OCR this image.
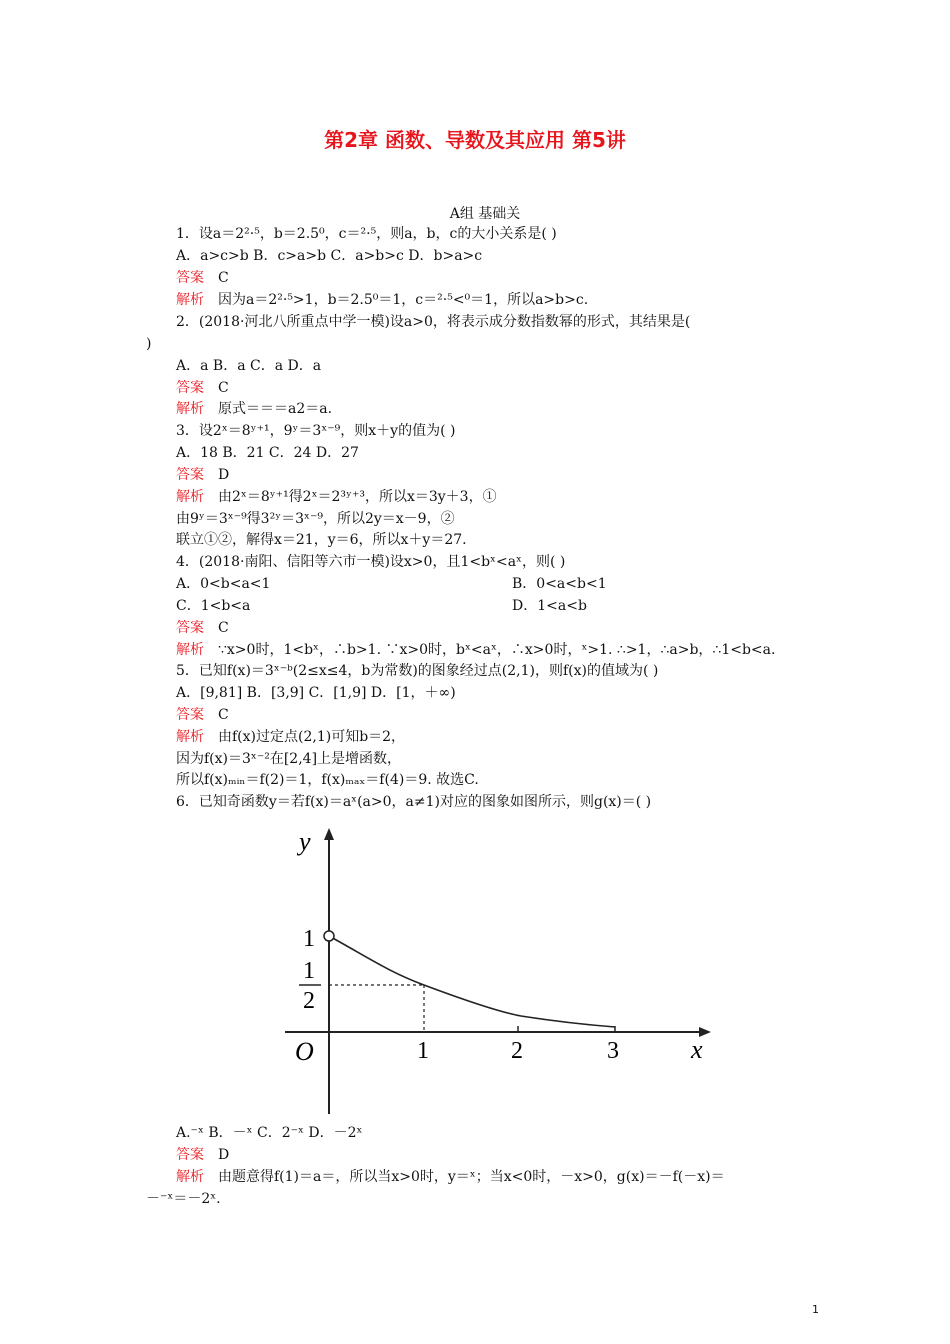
第2章 函数、导数及其应用 第5讲
A组 基础关
1．设a＝2²·⁵，b＝2.5⁰，c＝²·⁵，则a，b，c的大小关系是( )
A．a>c>b B．c>a>b C．a>b>c D．b>a>c
答案 C
解析 因为a＝2²·⁵>1，b＝2.5⁰＝1，c＝²·⁵<⁰＝1，所以a>b>c.
2．(2018·河北八所重点中学一模)设a>0，将表示成分数指数幂的形式，其结果是(
)
A．a B．a C．a D．a
答案 C
解析 原式＝＝＝a2＝a.
3．设2ˣ＝8ʸ⁺¹，9ʸ＝3ˣ⁻⁹，则x＋y的值为( )
A．18 B．21 C．24 D．27
答案 D
解析 由2ˣ＝8ʸ⁺¹得2ˣ＝2³ʸ⁺³，所以x＝3y＋3，①
由9ʸ＝3ˣ⁻⁹得3²ʸ＝3ˣ⁻⁹，所以2y＝x－9，②
联立①②，解得x＝21，y＝6，所以x＋y＝27.
4．(2018·南阳、信阳等六市一模)设x>0，且1<bˣ<aˣ，则( )
A．0<b<a<1	B．0<a<b<1
C．1<b<a	D．1<a<b
答案 C
解析 ∵x>0时，1<bˣ，∴b>1. ∵x>0时，bˣ<aˣ，∴x>0时，ˣ>1. ∴>1，∴a>b，∴1<b<a.
5．已知f(x)＝3ˣ⁻ᵇ(2≤x≤4，b为常数)的图象经过点(2,1)，则f(x)的值域为( )
A．[9,81] B．[3,9] C．[1,9] D．[1，＋∞)
答案 C
解析 由f(x)过定点(2,1)可知b＝2，
因为f(x)＝3ˣ⁻²在[2,4]上是增函数，
所以f(x)ₘᵢₙ＝f(2)＝1，f(x)ₘₐₓ＝f(4)＝9. 故选C.
6．已知奇函数y＝若f(x)＝aˣ(a>0，a≠1)对应的图象如图所示，则g(x)＝( )
y
x
O
1
1
2
1	2	3
A.⁻ˣ B．－ˣ C．2⁻ˣ D．－2ˣ
答案 D
解析 由题意得f(1)＝a＝，所以当x>0时，y＝ˣ；当x<0时，－x>0，g(x)＝－f(－x)＝
－⁻ˣ＝－2ˣ.
1
